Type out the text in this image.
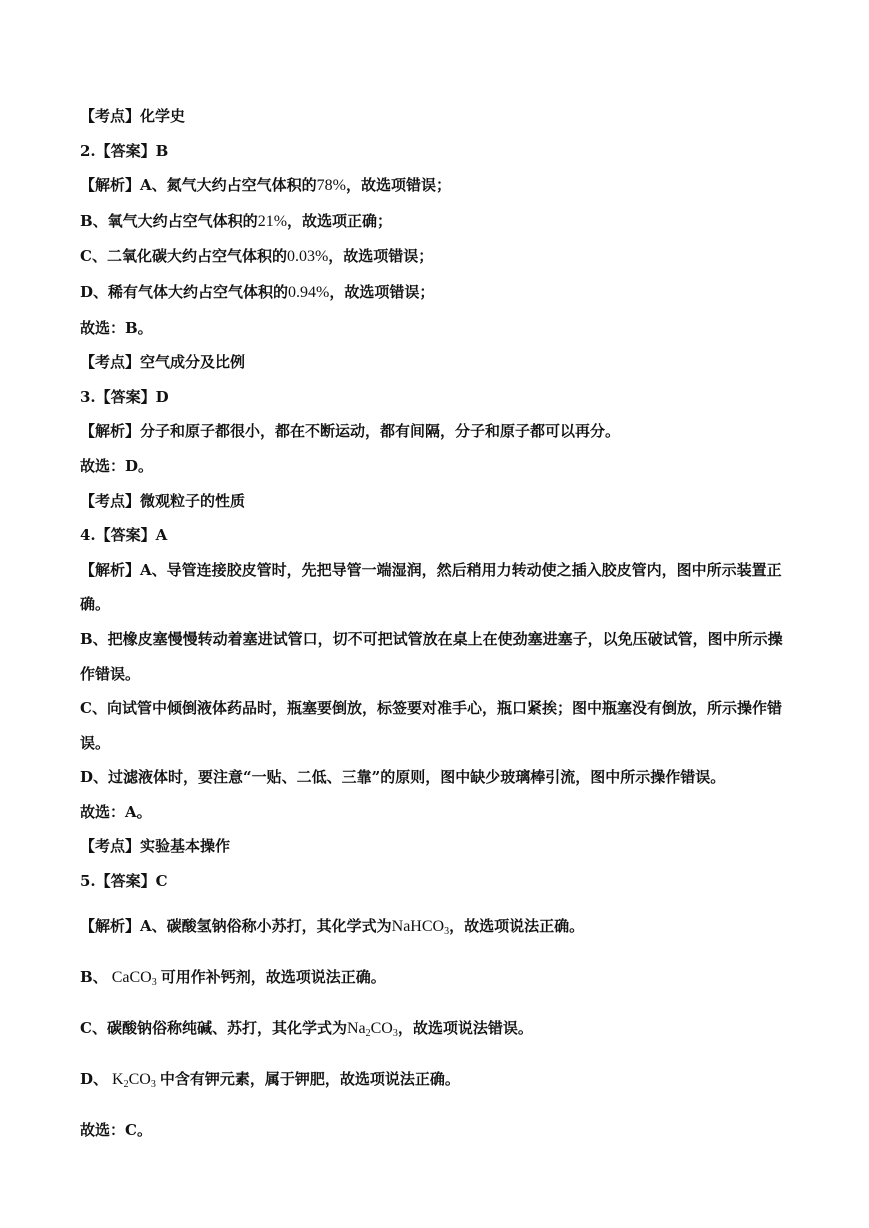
【考点】化学史
2.【答案】B
【解析】A、氮气大约占空气体积的78%，故选项错误；
B、氧气大约占空气体积的21%，故选项正确；
C、二氧化碳大约占空气体积的0.03%，故选项错误；
D、稀有气体大约占空气体积的0.94%，故选项错误；
故选：B。
【考点】空气成分及比例
3.【答案】D
【解析】分子和原子都很小，都在不断运动，都有间隔，分子和原子都可以再分。
故选：D。
【考点】微观粒子的性质
4.【答案】A
【解析】A、导管连接胶皮管时，先把导管一端湿润，然后稍用力转动使之插入胶皮管内，图中所示装置正
确。
B、把橡皮塞慢慢转动着塞进试管口，切不可把试管放在桌上在使劲塞进塞子，以免压破试管，图中所示操
作错误。
C、向试管中倾倒液体药品时，瓶塞要倒放，标签要对准手心，瓶口紧挨；图中瓶塞没有倒放，所示操作错
误。
D、过滤液体时，要注意“一贴、二低、三靠”的原则，图中缺少玻璃棒引流，图中所示操作错误。
故选：A。
【考点】实验基本操作
5.【答案】C
【解析】A、碳酸氢钠俗称小苏打，其化学式为NaHCO$_3$，故选项说法正确。
B、 CaCO$_3$ 可用作补钙剂，故选项说法正确。
C、碳酸钠俗称纯碱、苏打，其化学式为$Na_2CO_3$，故选项说法错误。
D、 $K_2CO_3$ 中含有钾元素，属于钾肥，故选项说法正确。
故选：C。
